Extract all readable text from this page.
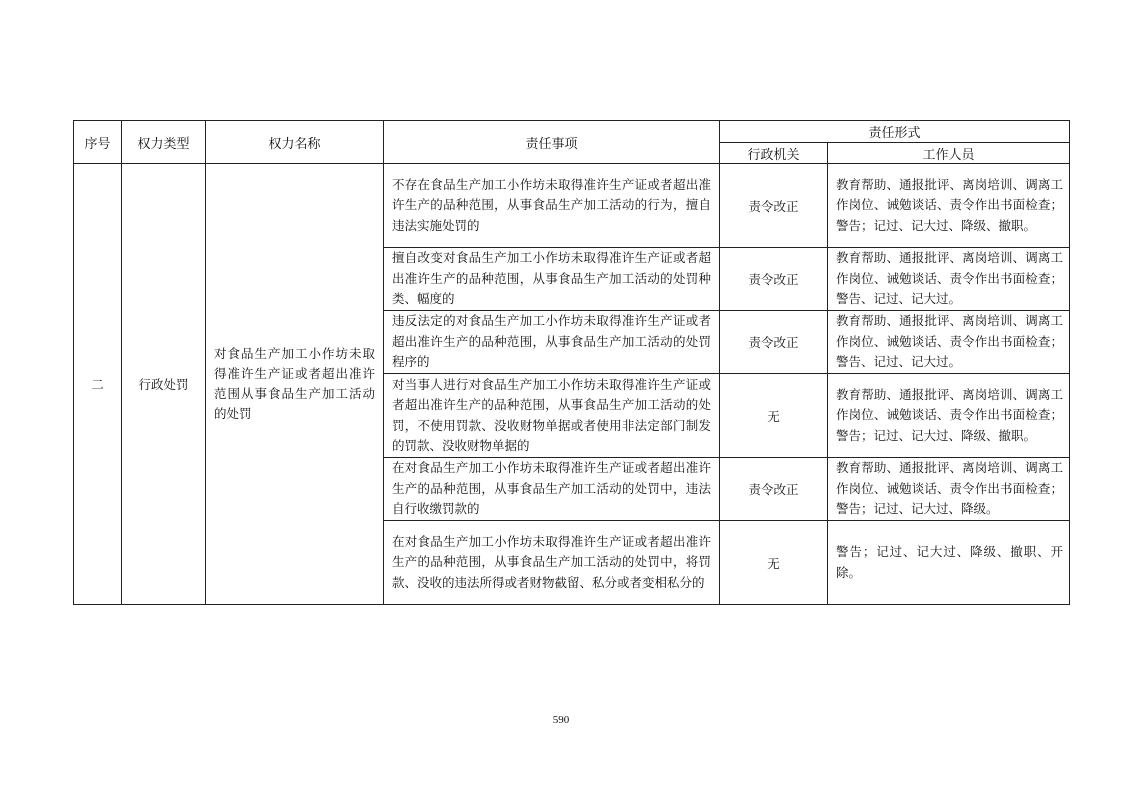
序号	权力类型	权力名称	责任事项	责任形式	
				行政机关	工作人员
二	行政处罚	对食品生产加工小作坊未取得准许生产证或者超出准许范围从事食品生产加工活动的处罚	不存在食品生产加工小作坊未取得准许生产证或者超出准许生产的品种范围，从事食品生产加工活动的行为，擅自违法实施处罚的	责令改正	教育帮助、通报批评、离岗培训、调离工作岗位、诫勉谈话、责令作出书面检查；警告；记过、记大过、降级、撤职。
			擅自改变对食品生产加工小作坊未取得准许生产证或者超出准许生产的品种范围，从事食品生产加工活动的处罚种类、幅度的	责令改正	教育帮助、通报批评、离岗培训、调离工作岗位、诫勉谈话、责令作出书面检查；警告、记过、记大过。
			违反法定的对食品生产加工小作坊未取得准许生产证或者超出准许生产的品种范围，从事食品生产加工活动的处罚程序的	责令改正	教育帮助、通报批评、离岗培训、调离工作岗位、诫勉谈话、责令作出书面检查；警告、记过、记大过。
			对当事人进行对食品生产加工小作坊未取得准许生产证或者超出准许生产的品种范围，从事食品生产加工活动的处罚，不使用罚款、没收财物单据或者使用非法定部门制发的罚款、没收财物单据的	无	教育帮助、通报批评、离岗培训、调离工作岗位、诫勉谈话、责令作出书面检查；警告；记过、记大过、降级、撤职。
			在对食品生产加工小作坊未取得准许生产证或者超出准许生产的品种范围，从事食品生产加工活动的处罚中，违法自行收缴罚款的	责令改正	教育帮助、通报批评、离岗培训、调离工作岗位、诫勉谈话、责令作出书面检查；警告；记过、记大过、降级。
			在对食品生产加工小作坊未取得准许生产证或者超出准许生产的品种范围，从事食品生产加工活动的处罚中，将罚款、没收的违法所得或者财物截留、私分或者变相私分的	无	警告；记过、记大过、降级、撤职、开除。
590
